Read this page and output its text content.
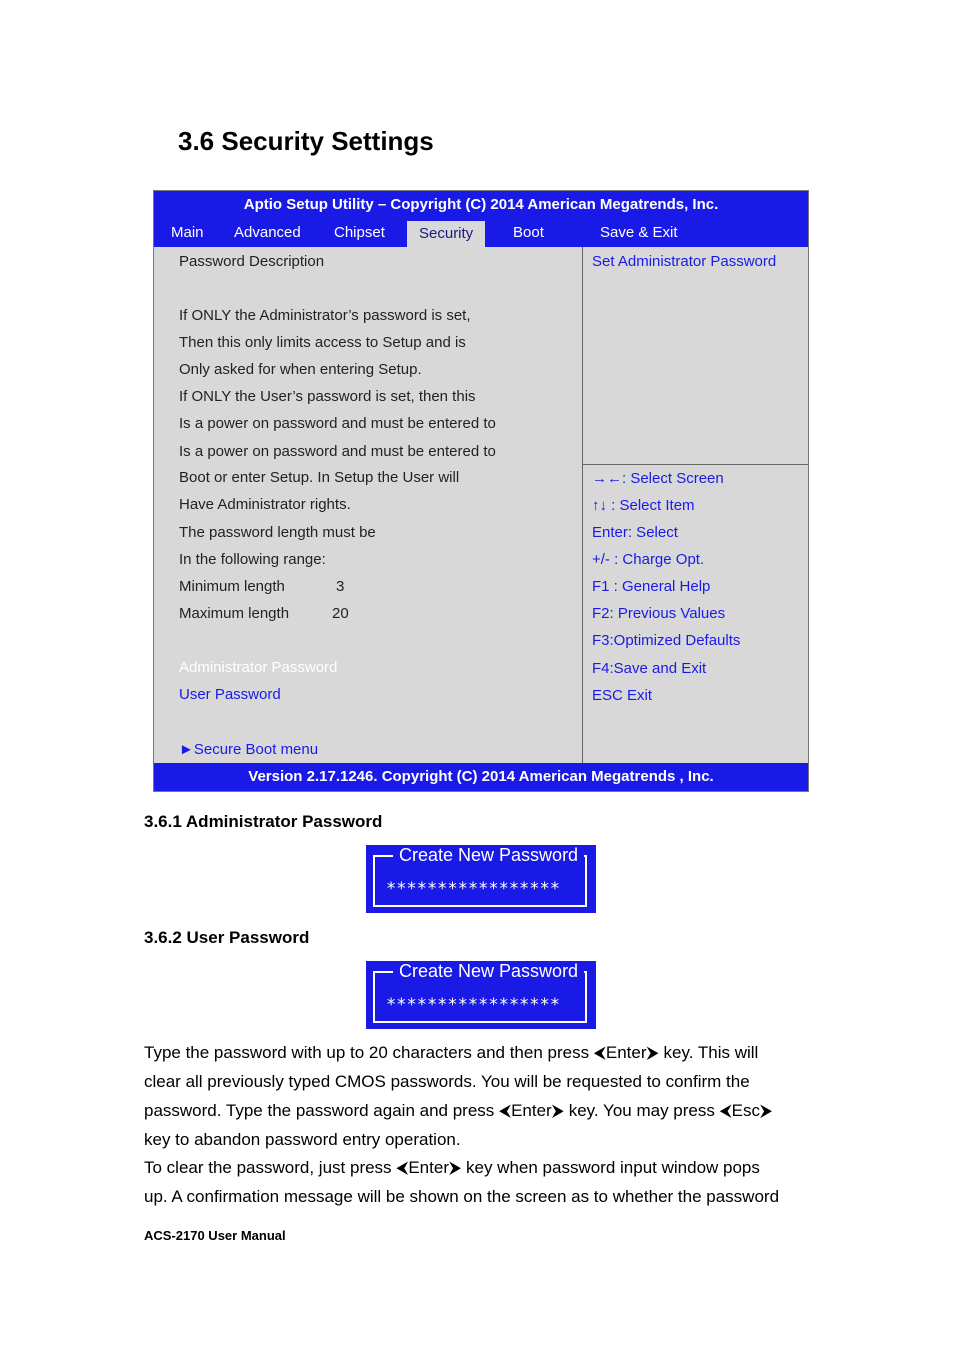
3.6 Security Settings
Aptio Setup Utility – Copyright (C) 2014 American Megatrends, Inc.
Main Advanced Chipset	Security	Boot	Save & Exit
Password Description
If ONLY the Administrator’s password is set,
Then this only limits access to Setup and is
Only asked for when entering Setup.
If ONLY the User’s password is set, then this
Is a power on password and must be entered to
Is a power on password and must be entered to
Boot or enter Setup. In Setup the User will
Have Administrator rights.
The password length must be
In the following range:
Minimum length	3
Maximum length	20
Administrator Password
User Password
►Secure Boot menu
Set Administrator Password
→←: Select Screen
↑↓ : Select Item
Enter: Select
+/- : Charge Opt.
F1 : General Help
F2: Previous Values
F3:Optimized Defaults
F4:Save and Exit
ESC Exit
Version 2.17.1246. Copyright (C) 2014 American Megatrends , Inc.
3.6.1 Administrator Password
Create New Password
*****************
3.6.2 User Password
Create New Password
*****************
Type the password with up to 20 characters and then press ⮜Enter⮞ key. This will
clear all previously typed CMOS passwords. You will be requested to confirm the
password. Type the password again and press ⮜Enter⮞ key. You may press ⮜Esc⮞
key to abandon password entry operation.
To clear the password, just press ⮜Enter⮞ key when password input window pops
up. A confirmation message will be shown on the screen as to whether the password
ACS-2170 User Manual
